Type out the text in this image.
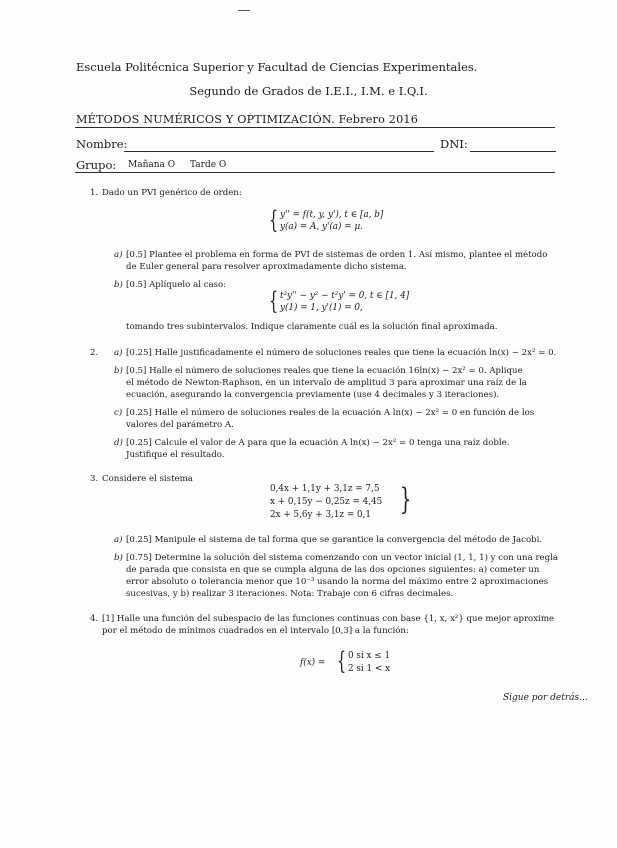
Escuela Politécnica Superior y Facultad de Ciencias Experimentales.
Segundo de Grados de I.E.I., I.M. e I.Q.I.
MÉTODOS NUMÉRICOS Y OPTIMIZACIÓN. Febrero 2016
Nombre:	DNI:
Grupo: Mañana O Tarde O
1. Dado un PVI genérico de orden:
{ y'' = f(t, y, y'), t ∈ [a, b]
y(a) = A, y'(a) = μ.
a) [0.5] Plantee el problema en forma de PVI de sistemas de orden 1. Así mismo, plantee el método
de Euler general para resolver aproximadamente dicho sistema.
b) [0.5] Aplíquelo al caso:
{ t²y'' − y² − t²y' = 0, t ∈ [1, 4]
y(1) = 1, y'(1) = 0,
tomando tres subintervalos. Indique claramente cuál es la solución final aproximada.
2. a) [0.25] Halle justificadamente el número de soluciones reales que tiene la ecuación ln(x) − 2x² = 0.
b) [0.5] Halle el número de soluciones reales que tiene la ecuación 16ln(x) − 2x² = 0. Aplique
el método de Newton-Raphson, en un intervalo de amplitud 3 para aproximar una raíz de la
ecuación, asegurando la convergencia previamente (use 4 decimales y 3 iteraciones).
c) [0.25] Halle el número de soluciones reales de la ecuación A ln(x) − 2x² = 0 en función de los
valores del parámetro A.
d) [0.25] Calcule el valor de A para que la ecuación A ln(x) − 2x² = 0 tenga una raíz doble.
Justifique el resultado.
3. Considere el sistema
0,4x + 1,1y + 3,1z = 7,5
x + 0,15y − 0,25z = 4,45
2x + 5,6y + 3,1z = 0,1 }
a) [0.25] Manipule el sistema de tal forma que se garantice la convergencia del método de Jacobi.
b) [0.75] Determine la solución del sistema comenzando con un vector inicial (1, 1, 1) y con una regla
de parada que consista en que se cumpla alguna de las dos opciones siguientes: a) cometer un
error absoluto o tolerancia menor que 10⁻³ usando la norma del máximo entre 2 aproximaciones
sucesivas, y b) realizar 3 iteraciones. Nota: Trabaje con 6 cifras decimales.
4. [1] Halle una función del subespacio de las funciones continuas con base {1, x, x²} que mejor aproxime
por el método de mínimos cuadrados en el intervalo [0,3] a la función:
f(x) = { 0 si x ≤ 1
2 si 1 < x
Sigue por detrás...
